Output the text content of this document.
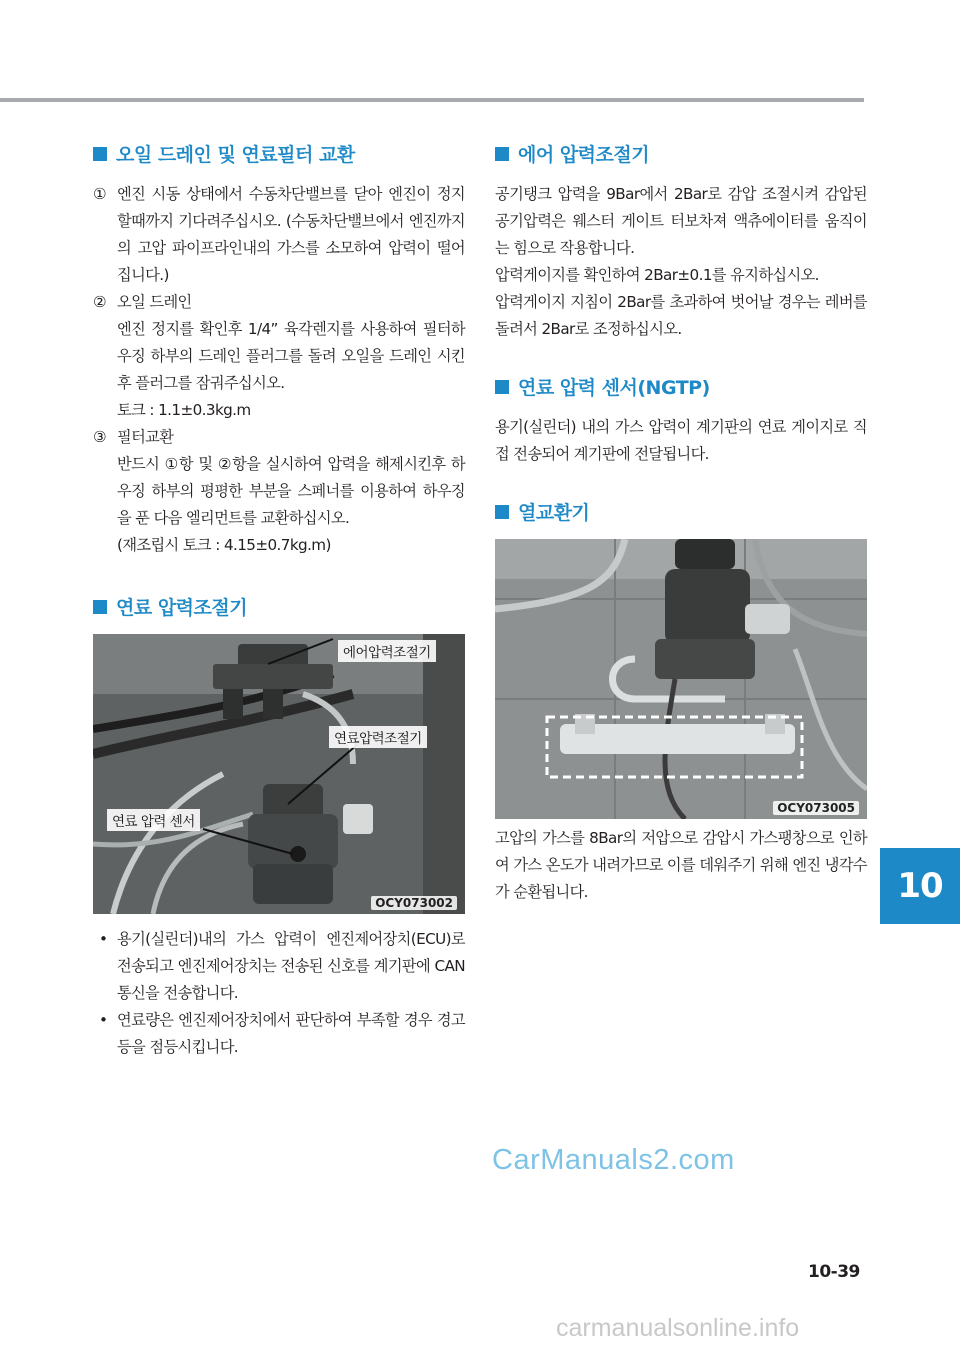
오일 드레인 및 연료필터 교환
① 엔진 시동 상태에서 수동차단밸브를 닫아 엔진이 정지 할때까지 기다려주십시오. (수동차단밸브에서 엔진까지의 고압 파이프라인내의 가스를 소모하여 압력이 떨어집니다.)

② 오일 드레인

엔진 정지를 확인후 1/4” 육각렌지를 사용하여 필터하우징 하부의 드레인 플러그를 돌려 오일을 드레인 시킨후 플러그를 잠궈주십시오.

토크 : 1.1±0.3kg.m

③ 필터교환

반드시 ①항 및 ②항을 실시하여 압력을 해제시킨후 하우징 하부의 평평한 부분을 스페너를 이용하여 하우징을 푼 다음 엘리먼트를 교환하십시오.

(재조립시 토크 : 4.15±0.7kg.m)

연료 압력조절기
에어압력조절기
연료압력조절기
연료 압력 센서
OCY073002
• 용기(실린더)내의 가스 압력이 엔진제어장치(ECU)로 전송되고 엔진제어장치는 전송된 신호를 계기판에 CAN통신을 전송합니다.

• 연료량은 엔진제어장치에서 판단하여 부족할 경우 경고등을 점등시킵니다.

에어 압력조절기

공기탱크 압력을 9Bar에서 2Bar로 감압 조절시켜 감압된 공기압력은 웨스터 게이트 터보차져 액츄에이터를 움직이는 힘으로 작용합니다.

압력게이지를 확인하여 2Bar±0.1를 유지하십시오.

압력게이지 지침이 2Bar를 초과하여 벗어날 경우는 레버를 돌려서 2Bar로 조정하십시오.

연료 압력 센서(NGTP)

용기(실린더) 내의 가스 압력이 계기판의 연료 게이지로 직접 전송되어 계기판에 전달됩니다.

열교환기
OCY073005

고압의 가스를 8Bar의 저압으로 감압시 가스팽창으로 인하여 가스 온도가 내려가므로 이를 데워주기 위해 엔진 냉각수가 순환됩니다.	10
CarManuals2.com
10-39
carmanualsonline.info
